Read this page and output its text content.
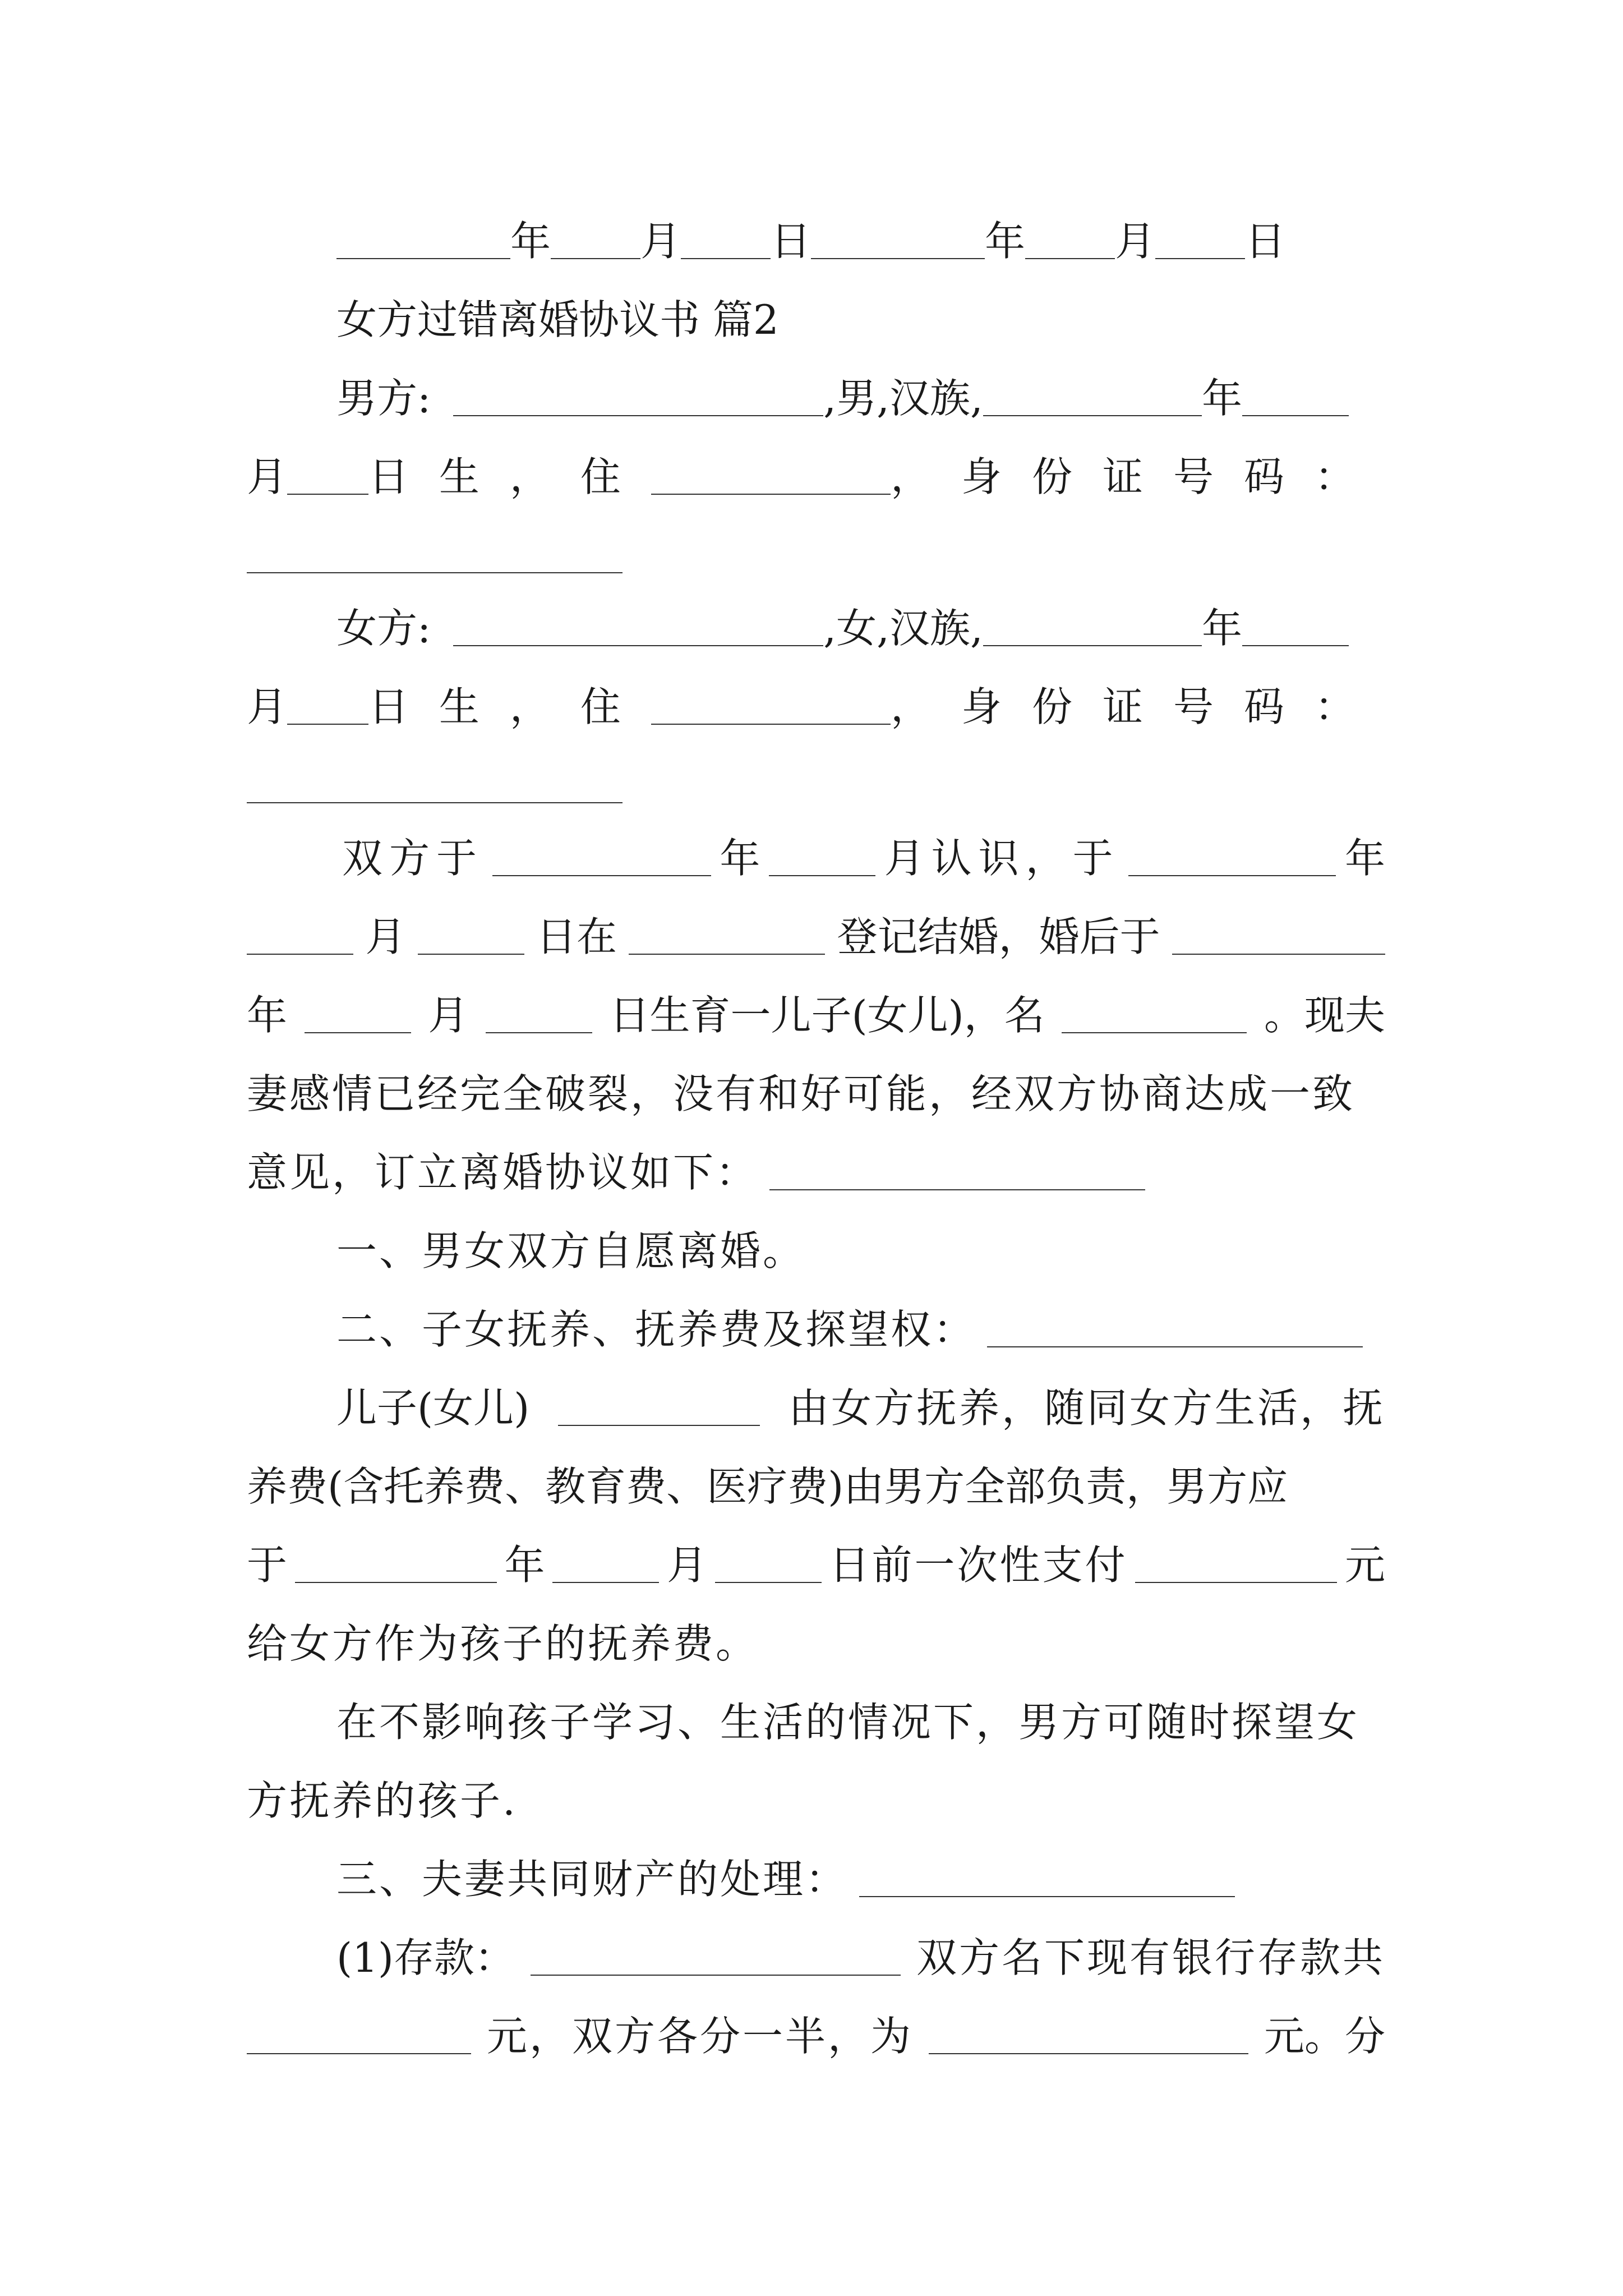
年 月 日	年 月 日
女方过错离婚协议书 篇2
男方:	,男,汉族,	年
月 日生，住	，身份证号码：
女方:	,女,汉族,	年
月 日生，住	，身份证号码：
双方于	年	月认识，于	年
月	日在	登记结婚，婚后于
年	月	日生育一儿子(女儿)，名	。现夫
妻感情已经完全破裂，没有和好可能，经双方协商达成一致
意见，订立离婚协议如下：
一、男女双方自愿离婚。
二、子女抚养、抚养费及探望权：
儿子(女儿)	由女方抚养，随同女方生活，抚
养费(含托养费、教育费、医疗费)由男方全部负责，男方应
于	年	月	日前一次性支付	元
给女方作为孩子的抚养费。
在不影响孩子学习、生活的情况下，男方可随时探望女
方抚养的孩子.
三、夫妻共同财产的处理：
(1)存款：	双方名下现有银行存款共
元，双方各分一半，为	元。分
